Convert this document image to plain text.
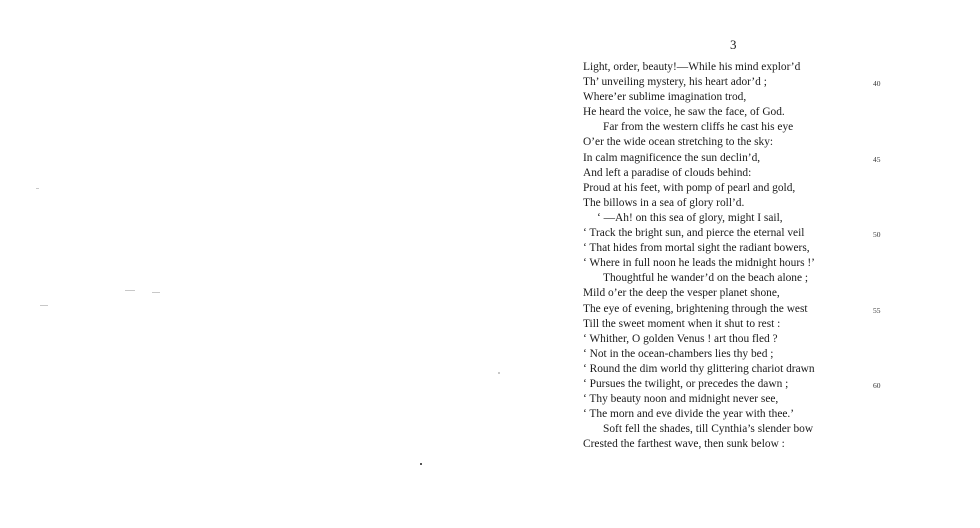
3
Light, order, beauty!—While his mind explor’d
Th’ unveiling mystery, his heart ador’d ;	40
Where’er sublime imagination trod,
He heard the voice, he saw the face, of God.
Far from the western cliffs he cast his eye
O’er the wide ocean stretching to the sky:
In calm magnificence the sun declin’d,	45
And left a paradise of clouds behind:
Proud at his feet, with pomp of pearl and gold,
The billows in a sea of glory roll’d.
‘ —Ah! on this sea of glory, might I sail,
‘ Track the bright sun, and pierce the eternal veil	50
‘ That hides from mortal sight the radiant bowers,
‘ Where in full noon he leads the midnight hours !’
Thoughtful he wander’d on the beach alone ;
Mild o’er the deep the vesper planet shone,
The eye of evening, brightening through the west	55
Till the sweet moment when it shut to rest :
‘ Whither, O golden Venus ! art thou fled ?
‘ Not in the ocean-chambers lies thy bed ;
‘ Round the dim world thy glittering chariot drawn
‘ Pursues the twilight, or precedes the dawn ;	60
‘ Thy beauty noon and midnight never see,
‘ The morn and eve divide the year with thee.’
Soft fell the shades, till Cynthia’s slender bow
Crested the farthest wave, then sunk below :
